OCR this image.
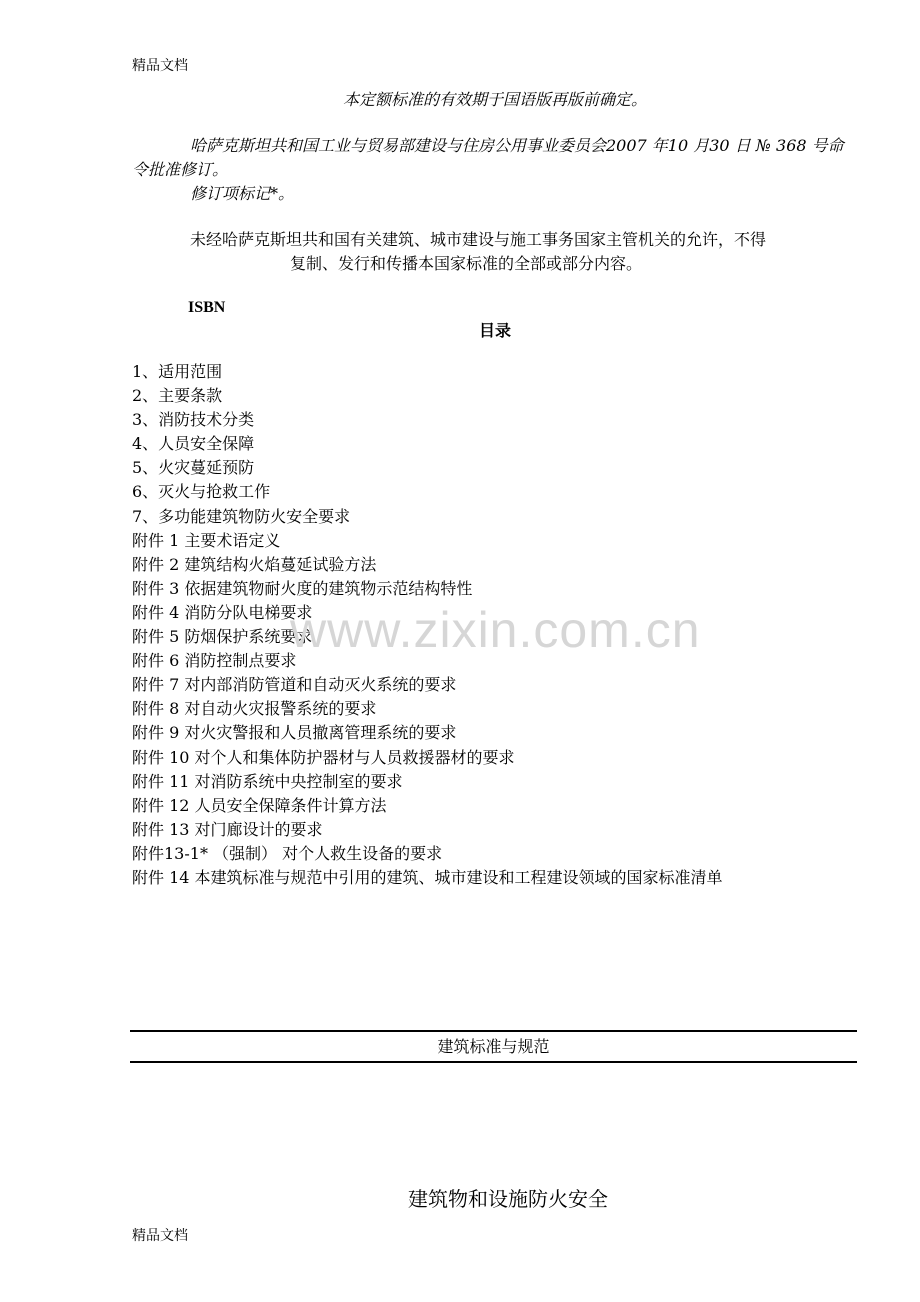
精品文档
本定额标准的有效期于国语版再版前确定。
哈萨克斯坦共和国工业与贸易部建设与住房公用事业委员会2007 年10 月30 日 № 368 号命令批准修订。
修订项标记*。
未经哈萨克斯坦共和国有关建筑、城市建设与施工事务国家主管机关的允许，不得
复制、发行和传播本国家标准的全部或部分内容。
ISBN
目录
1、适用范围
2、主要条款
3、消防技术分类
4、人员安全保障
5、火灾蔓延预防
6、灭火与抢救工作
7、多功能建筑物防火安全要求
附件 1 主要术语定义
附件 2 建筑结构火焰蔓延试验方法
附件 3 依据建筑物耐火度的建筑物示范结构特性
附件 4 消防分队电梯要求
附件 5 防烟保护系统要求
附件 6 消防控制点要求
附件 7 对内部消防管道和自动灭火系统的要求
附件 8 对自动火灾报警系统的要求
附件 9 对火灾警报和人员撤离管理系统的要求
附件 10 对个人和集体防护器材与人员救援器材的要求
附件 11 对消防系统中央控制室的要求
附件 12 人员安全保障条件计算方法
附件 13 对门廊设计的要求
附件13-1* （强制） 对个人救生设备的要求
附件 14 本建筑标准与规范中引用的建筑、城市建设和工程建设领域的国家标准清单
www.zixin.com.cn
建筑标准与规范
建筑物和设施防火安全
精品文档
